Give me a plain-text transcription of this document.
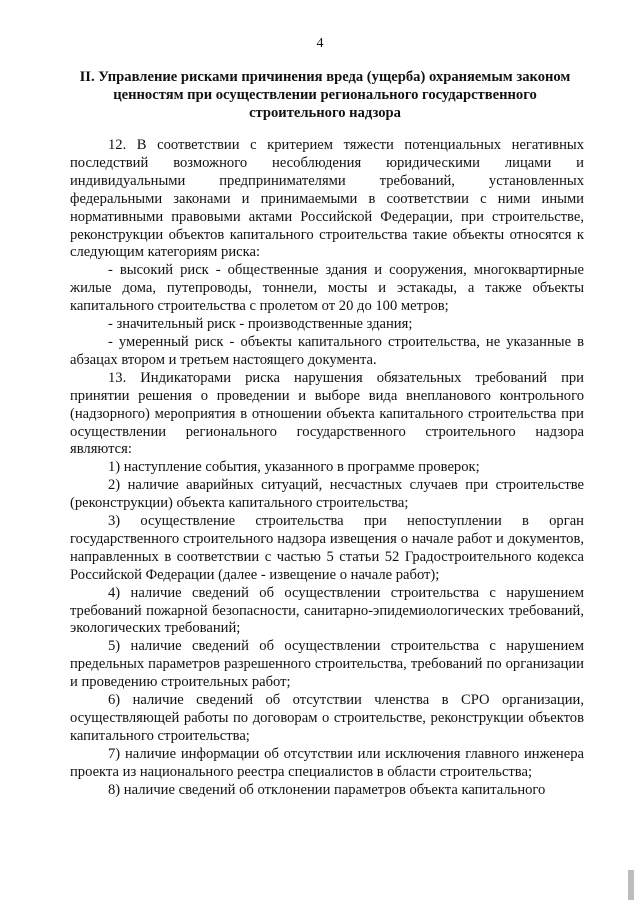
4
II. Управление рисками причинения вреда (ущерба) охраняемым законом ценностям при осуществлении регионального государственного строительного надзора

12. В соответствии с критерием тяжести потенциальных негативных последствий возможного несоблюдения юридическими лицами и индивидуальными предпринимателями требований, установленных федеральными законами и принимаемыми в соответствии с ними иными нормативными правовыми актами Российской Федерации, при строительстве, реконструкции объектов капитального строительства такие объекты относятся к следующим категориям риска:

- высокий риск - общественные здания и сооружения, многоквартирные жилые дома, путепроводы, тоннели, мосты и эстакады, а также объекты капитального строительства с пролетом от 20 до 100 метров;

- значительный риск - производственные здания;

- умеренный риск - объекты капитального строительства, не указанные в абзацах втором и третьем настоящего документа.

13. Индикаторами риска нарушения обязательных требований при принятии решения о проведении и выборе вида внепланового контрольного (надзорного) мероприятия в отношении объекта капитального строительства при осуществлении регионального государственного строительного надзора являются:

1) наступление события, указанного в программе проверок;

2) наличие аварийных ситуаций, несчастных случаев при строительстве (реконструкции) объекта капитального строительства;

3) осуществление строительства при непоступлении в орган государственного строительного надзора извещения о начале работ и документов, направленных в соответствии с частью 5 статьи 52 Градостроительного кодекса Российской Федерации (далее - извещение о начале работ);

4) наличие сведений об осуществлении строительства с нарушением требований пожарной безопасности, санитарно-эпидемиологических требований, экологических требований;

5) наличие сведений об осуществлении строительства с нарушением предельных параметров разрешенного строительства, требований по организации и проведению строительных работ;

6) наличие сведений об отсутствии членства в СРО организации, осуществляющей работы по договорам о строительстве, реконструкции объектов капитального строительства;

7) наличие информации об отсутствии или исключения главного инженера проекта из национального реестра специалистов в области строительства;

8) наличие сведений об отклонении параметров объекта капитального
